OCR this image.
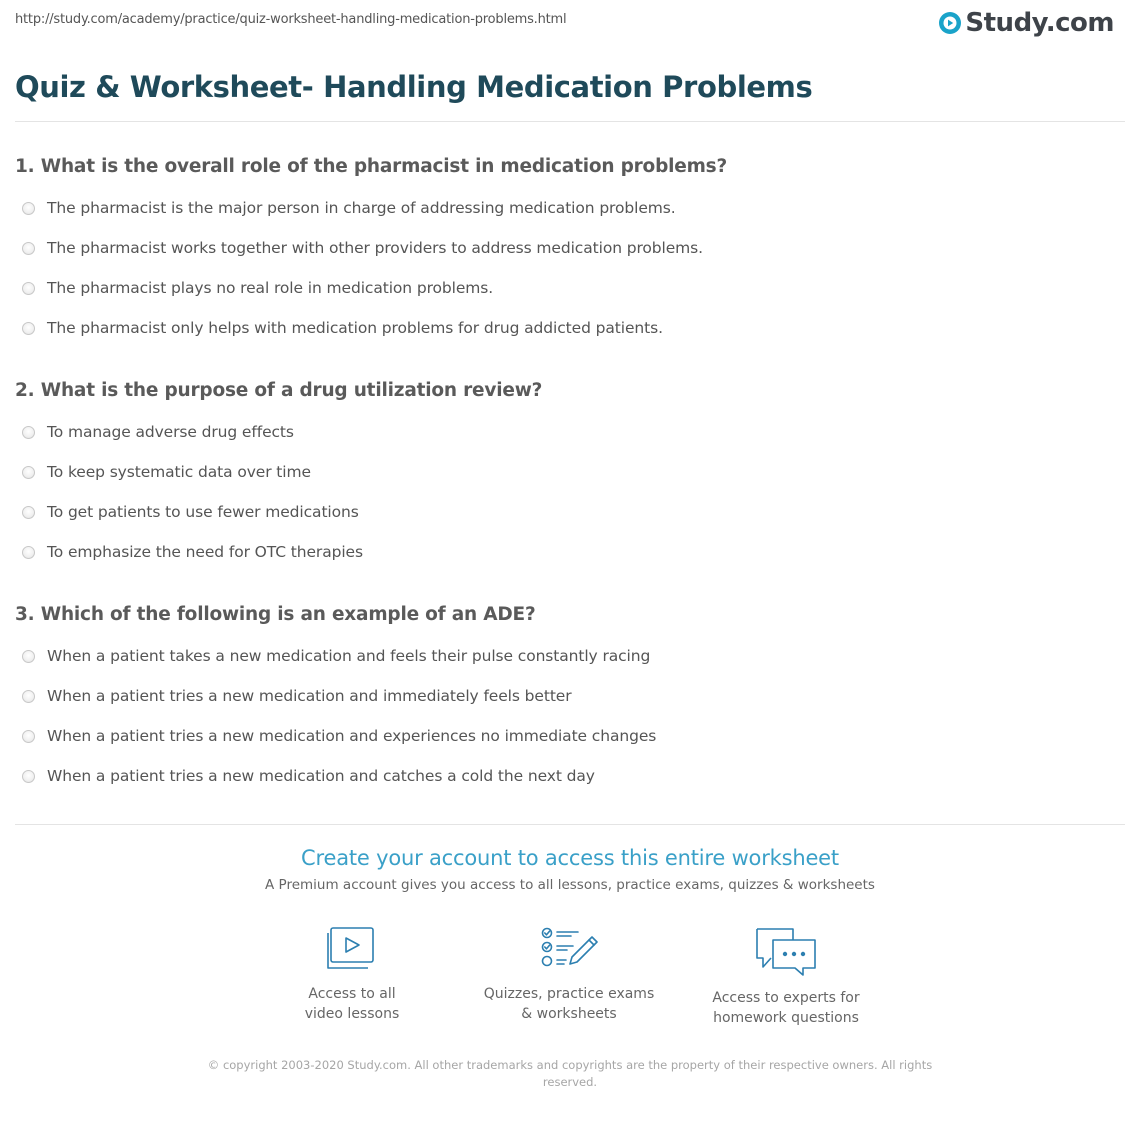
http://study.com/academy/practice/quiz-worksheet-handling-medication-problems.html	Study.com
Quiz & Worksheet- Handling Medication Problems
1. What is the overall role of the pharmacist in medication problems?
The pharmacist is the major person in charge of addressing medication problems.
The pharmacist works together with other providers to address medication problems.
The pharmacist plays no real role in medication problems.
The pharmacist only helps with medication problems for drug addicted patients.
2. What is the purpose of a drug utilization review?
To manage adverse drug effects
To keep systematic data over time
To get patients to use fewer medications
To emphasize the need for OTC therapies
3. Which of the following is an example of an ADE?
When a patient takes a new medication and feels their pulse constantly racing
When a patient tries a new medication and immediately feels better
When a patient tries a new medication and experiences no immediate changes
When a patient tries a new medication and catches a cold the next day
Create your account to access this entire worksheet
A Premium account gives you access to all lessons, practice exams, quizzes & worksheets
Access to all
video lessons
Quizzes, practice exams
& worksheets
Access to experts for
homework questions
© copyright 2003-2020 Study.com. All other trademarks and copyrights are the property of their respective owners. All rights reserved.
